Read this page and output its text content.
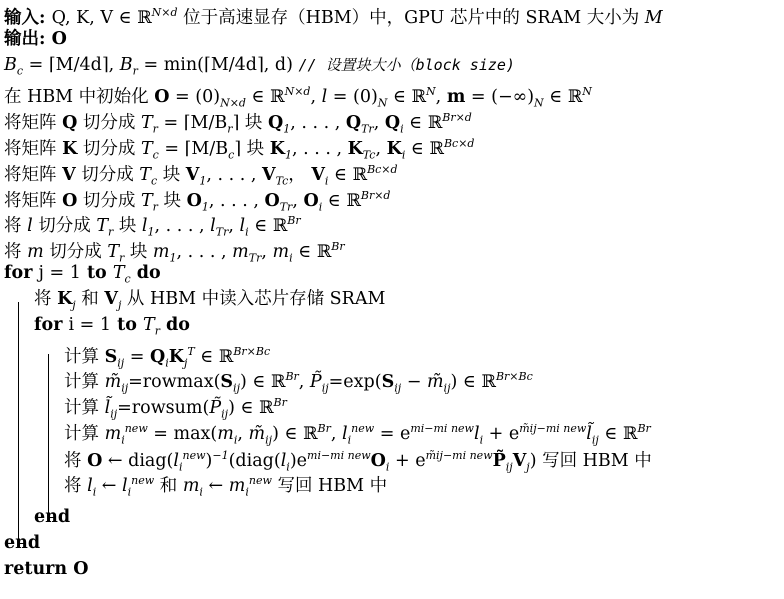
输入: Q, K, V ∈ ℝ$^{N\times d}$ 位于高速显存（HBM）中，GPU 芯片中的 SRAM 大小为 M
输出: O
$B_c$ = ⌈M/4d⌉, $B_r$ = min(⌈M/4d⌉, d) // 设置块大小（block size)
在 HBM 中初始化 $O = (0)_{N\times d}$ ∈ ℝ$^{N\times d}$, $l = (0)_N$ ∈ ℝ$^N$, $m = (-\infty)_N$ ∈ ℝ$^N$
将矩阵 Q 切分成 $T_r$ = $⌈M/B_r⌉$ 块 $Q_1$, . . . , $Q_{Tr}$, $Q_i$ ∈ ℝ$^{Br\times d}$
将矩阵 K 切分成 $T_c$ = $⌈M/B_c⌉$ 块 $K_1$, . . . , $K_{Tc}$, $K_i$ ∈ ℝ$^{Bc\times d}$
将矩阵 V 切分成 $T_c$ 块 $V_1$, . . . , $V_{Tc}$， $V_i$ ∈ ℝ$^{Bc\times d}$
将矩阵 O 切分成 $T_r$ 块 $O_1$, . . . , $O_{Tr}$, $O_i$ ∈ ℝ$^{Br\times d}$
将 l 切分成 $T_r$ 块 $l_1$, . . . , $l_{Tr}$, $l_i$ ∈ ℝ$^{Br}$
将 m 切分成 $T_r$ 块 $m_1$, . . . , $m_{Tr}$, $m_i$ ∈ ℝ$^{Br}$
for j = 1 to $T_c$ do
将 $K_j$ 和 $V_j$ 从 HBM 中读入芯片存储 SRAM
for i = 1 to $T_r$ do
计算 $S_{ij} = Q_iK_j^T$ ∈ ℝ$^{Br\times Bc}$
计算 $m̃_{ij}=rowmax(S_{ij})$ ∈ ℝ$^{Br}$, $P̃_{ij}=\exp(S_{ij}$ − $m̃_{ij}$) ∈ ℝ$^{Br\times Bc}$
计算 $l̃_{ij}=rowsum(P̃_{ij})$ ∈ ℝ$^{Br}$
计算 $m_i^{new} = \max(m_i$, $m̃_{ij}$) ∈ ℝ$^{Br}$, $l_i^{new} = e^{mi-mi new}l_i$ + $e^{m̃ij-mi new}l̃_{ij}$ ∈ ℝ$^{Br}$
将 O ← $diag(l_i^{new})^{-1}(diag(l_i)e^{mi-mi new}O_i$ + $e^{m̃ij-mi new}P̃_{ij}V_j$) 写回 HBM 中
将 $l_i$ ← $l_i^{new}$ 和 $m_i$ ← $m_i^{new}$ 写回 HBM 中
end
end
return O
